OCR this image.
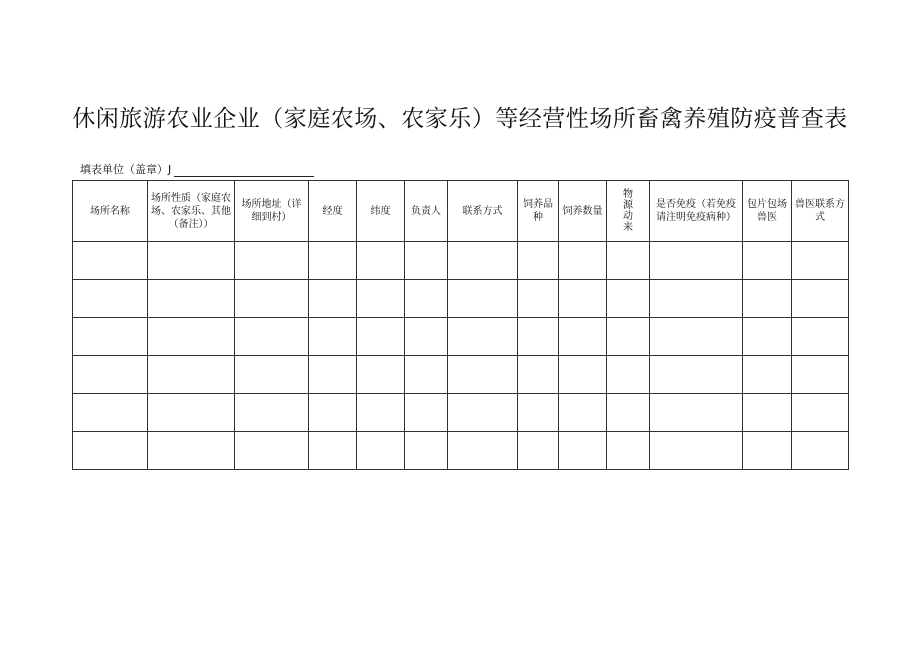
休闲旅游农业企业（家庭农场、农家乐）等经营性场所畜禽养殖防疫普查表
填表单位（盖章）J
场所名称	场所性质（家庭农场、农家乐、其他（备注））	场所地址（详细到村）	经度	纬度	负责人	联系方式	饲养品种	饲养数量	物源动来	是否免疫（若免疫请注明免疫病种）	包片包场兽医	兽医联系方式
